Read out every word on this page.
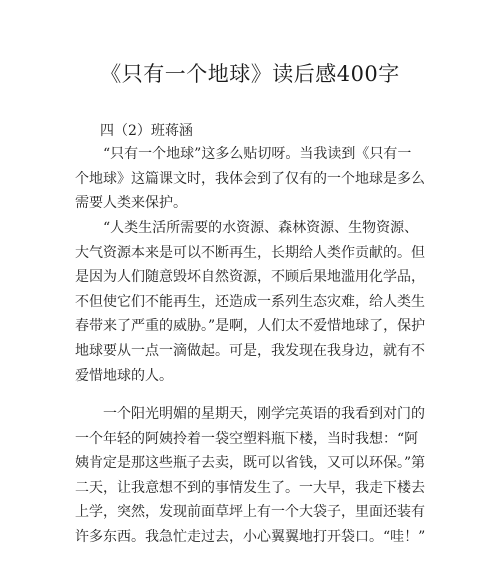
《只有一个地球》读后感400字
四（2）班蒋涵
“只有一个地球”这多么贴切呀。当我读到《只有一
个地球》这篇课文时，我体会到了仅有的一个地球是多么
需要人类来保护。
“人类生活所需要的水资源、森林资源、生物资源、
大气资源本来是可以不断再生，长期给人类作贡献的。但
是因为人们随意毁坏自然资源，不顾后果地滥用化学品，
不但使它们不能再生，还造成一系列生态灾难，给人类生
春带来了严重的威胁。”是啊，人们太不爱惜地球了，保护
地球要从一点一滴做起。可是，我发现在我身边，就有不
爱惜地球的人。
一个阳光明媚的星期天，刚学完英语的我看到对门的
一个年轻的阿姨拎着一袋空塑料瓶下楼，当时我想：“阿
姨肯定是那这些瓶子去卖，既可以省钱，又可以环保。”第
二天，让我意想不到的事情发生了。一大早，我走下楼去
上学，突然，发现前面草坪上有一个大袋子，里面还装有
许多东西。我急忙走过去，小心翼翼地打开袋口。“哇！”
